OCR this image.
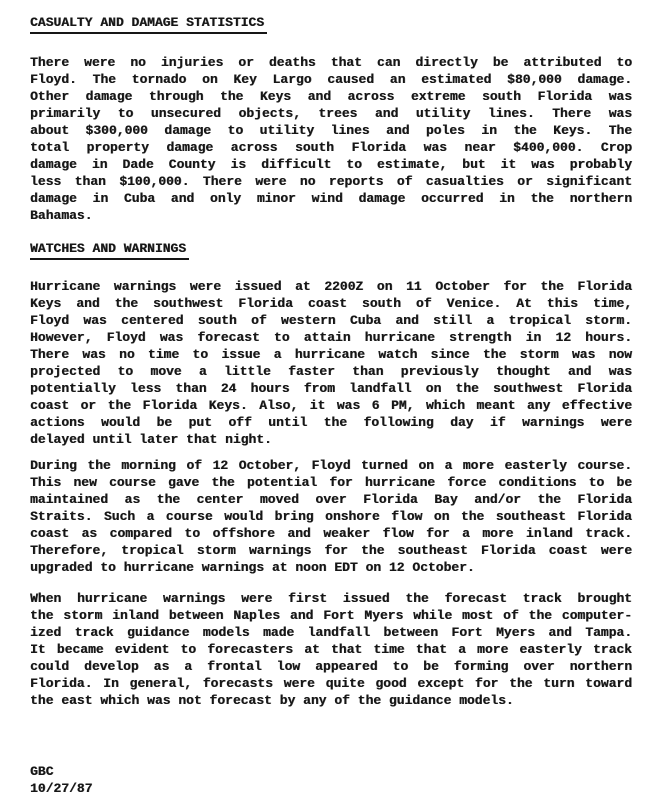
CASUALTY AND DAMAGE STATISTICS
There were no injuries or deaths that can directly be attributed to
Floyd. The tornado on Key Largo caused an estimated $80,000 damage.
Other damage through the Keys and across extreme south Florida was
primarily to unsecured objects, trees and utility lines. There was
about $300,000 damage to utility lines and poles in the Keys. The
total property damage across south Florida was near $400,000. Crop
damage in Dade County is difficult to estimate, but it was probably
less than $100,000. There were no reports of casualties or significant
damage in Cuba and only minor wind damage occurred in the northern
Bahamas.
WATCHES AND WARNINGS
Hurricane warnings were issued at 2200Z on 11 October for the Florida
Keys and the southwest Florida coast south of Venice. At this time,
Floyd was centered south of western Cuba and still a tropical storm.
However, Floyd was forecast to attain hurricane strength in 12 hours.
There was no time to issue a hurricane watch since the storm was now
projected to move a little faster than previously thought and was
potentially less than 24 hours from landfall on the southwest Florida
coast or the Florida Keys. Also, it was 6 PM, which meant any effective
actions would be put off until the following day if warnings were
delayed until later that night.
During the morning of 12 October, Floyd turned on a more easterly course.
This new course gave the potential for hurricane force conditions to be
maintained as the center moved over Florida Bay and/or the Florida
Straits. Such a course would bring onshore flow on the southeast Florida
coast as compared to offshore and weaker flow for a more inland track.
Therefore, tropical storm warnings for the southeast Florida coast were
upgraded to hurricane warnings at noon EDT on 12 October.
When hurricane warnings were first issued the forecast track brought
the storm inland between Naples and Fort Myers while most of the computer-
ized track guidance models made landfall between Fort Myers and Tampa.
It became evident to forecasters at that time that a more easterly track
could develop as a frontal low appeared to be forming over northern
Florida. In general, forecasts were quite good except for the turn toward
the east which was not forecast by any of the guidance models.
GBC
10/27/87
